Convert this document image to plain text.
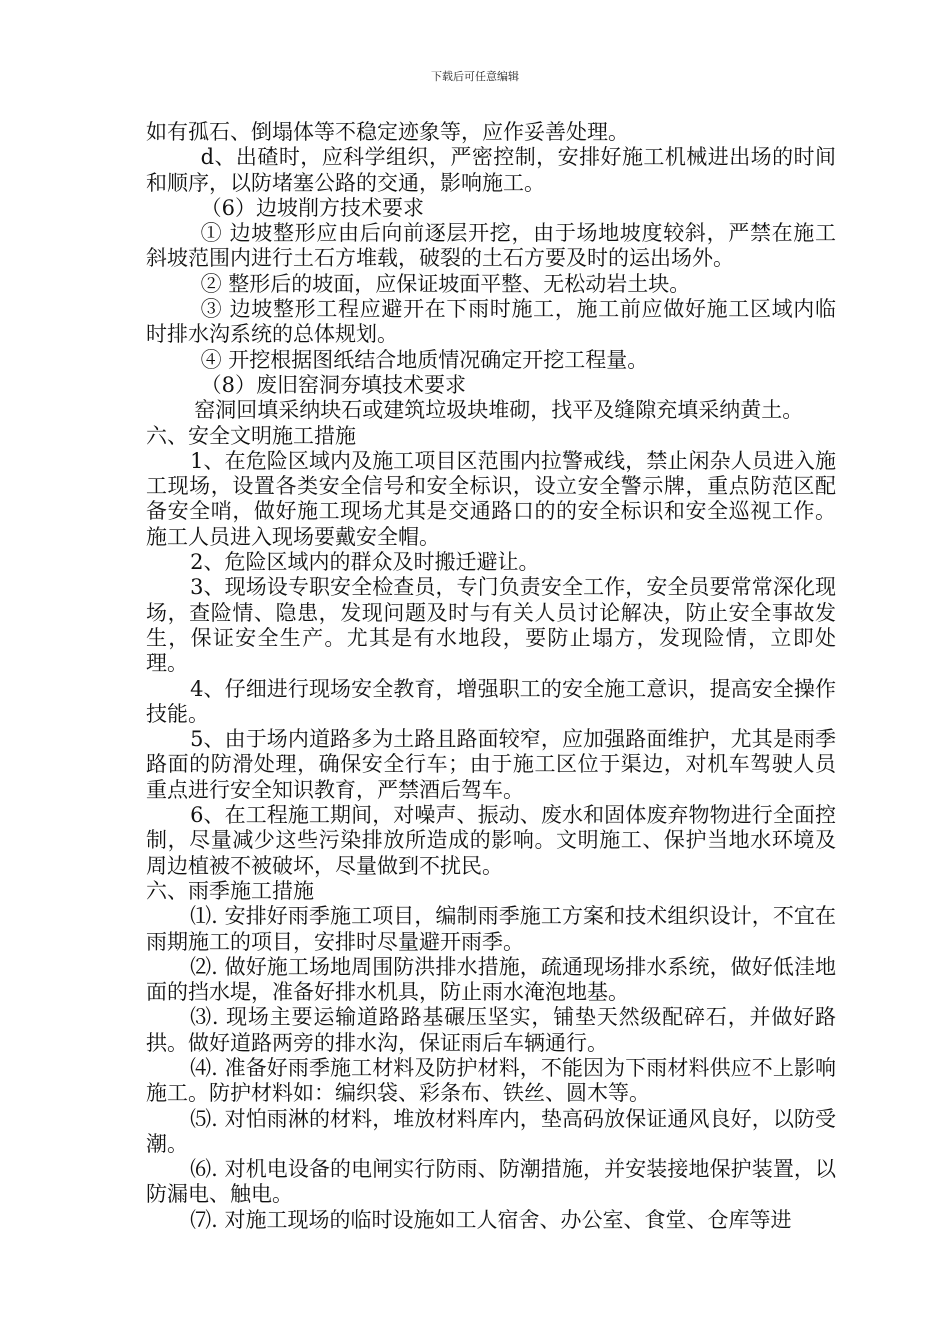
下载后可任意编辑

如有孤石、倒塌体等不稳定迹象等，应作妥善处理。

d、出碴时，应科学组织，严密控制，安排好施工机械进出场的时间和顺序，以防堵塞公路的交通，影响施工。

（6）边坡削方技术要求

① 边坡整形应由后向前逐层开挖，由于场地坡度较斜，严禁在施工斜坡范围内进行土石方堆载，破裂的土石方要及时的运出场外。

② 整形后的坡面，应保证坡面平整、无松动岩土块。

③ 边坡整形工程应避开在下雨时施工，施工前应做好施工区域内临时排水沟系统的总体规划。

④ 开挖根据图纸结合地质情况确定开挖工程量。

（8）废旧窑洞夯填技术要求

窑洞回填采纳块石或建筑垃圾块堆砌，找平及缝隙充填采纳黄土。

六、安全文明施工措施

1、在危险区域内及施工项目区范围内拉警戒线，禁止闲杂人员进入施工现场，设置各类安全信号和安全标识，设立安全警示牌，重点防范区配备安全哨，做好施工现场尤其是交通路口的的安全标识和安全巡视工作。施工人员进入现场要戴安全帽。

2、危险区域内的群众及时搬迁避让。

3、现场设专职安全检查员，专门负责安全工作，安全员要常常深化现场，查险情、隐患，发现问题及时与有关人员讨论解决，防止安全事故发生，保证安全生产。尤其是有水地段，要防止塌方，发现险情，立即处理。

4、仔细进行现场安全教育，增强职工的安全施工意识，提高安全操作技能。

5、由于场内道路多为土路且路面较窄，应加强路面维护，尤其是雨季路面的防滑处理，确保安全行车；由于施工区位于渠边，对机车驾驶人员重点进行安全知识教育，严禁酒后驾车。

6、在工程施工期间，对噪声、振动、废水和固体废弃物物进行全面控制，尽量减少这些污染排放所造成的影响。文明施工、保护当地水环境及周边植被不被破坏，尽量做到不扰民。

六、雨季施工措施

⑴. 安排好雨季施工项目，编制雨季施工方案和技术组织设计，不宜在雨期施工的项目，安排时尽量避开雨季。

⑵. 做好施工场地周围防洪排水措施，疏通现场排水系统，做好低洼地面的挡水堤，准备好排水机具，防止雨水淹泡地基。

⑶. 现场主要运输道路路基碾压坚实，铺垫天然级配碎石，并做好路拱。做好道路两旁的排水沟，保证雨后车辆通行。

⑷. 准备好雨季施工材料及防护材料，不能因为下雨材料供应不上影响施工。防护材料如：编织袋、彩条布、铁丝、圆木等。

⑸. 对怕雨淋的材料，堆放材料库内，垫高码放保证通风良好，以防受潮。

⑹. 对机电设备的电闸实行防雨、防潮措施，并安装接地保护装置，以防漏电、触电。

⑺. 对施工现场的临时设施如工人宿舍、办公室、食堂、仓库等进
